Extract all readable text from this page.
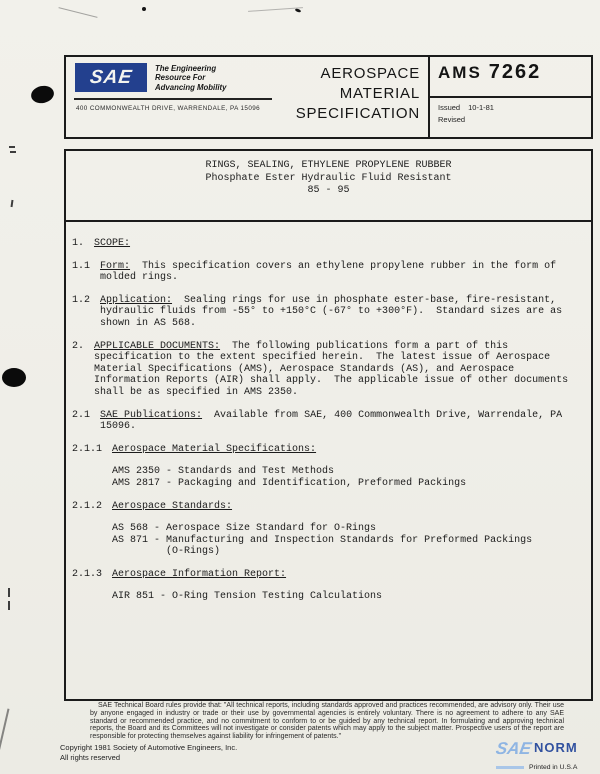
SAE	The Engineering
Resource For
Advancing Mobility
400 COMMONWEALTH DRIVE, WARRENDALE, PA 15096
AEROSPACE
MATERIAL
SPECIFICATION
AMS 7262
Issued 10-1-81
Revised
RINGS, SEALING, ETHYLENE PROPYLENE RUBBER
Phosphate Ester Hydraulic Fluid Resistant
85 - 95
1. SCOPE:
1.1 Form:  This specification covers an ethylene propylene rubber in the form of molded rings.
1.2 Application:  Sealing rings for use in phosphate ester-base, fire-resistant, hydraulic fluids from -55° to +150°C (-67° to +300°F).  Standard sizes are as shown in AS 568.
2. APPLICABLE DOCUMENTS:  The following publications form a part of this specification to the extent specified herein.  The latest issue of Aerospace Material Specifications (AMS), Aerospace Standards (AS), and Aerospace Information Reports (AIR) shall apply.  The applicable issue of other documents shall be as specified in AMS 2350.
2.1 SAE Publications:  Available from SAE, 400 Commonwealth Drive, Warrendale, PA 15096.
2.1.1 Aerospace Material Specifications:
AMS 2350 - Standards and Test Methods
AMS 2817 - Packaging and Identification, Preformed Packings
2.1.2 Aerospace Standards:
AS 568 - Aerospace Size Standard for O-Rings
AS 871 - Manufacturing and Inspection Standards for Preformed Packings
(O-Rings)
2.1.3 Aerospace Information Report:
AIR 851 - O-Ring Tension Testing Calculations
SAE Technical Board rules provide that: "All technical reports, including standards approved and practices recommended, are advisory only. Their use by anyone engaged in industry or trade or their use by governmental agencies is entirely voluntary. There is no agreement to adhere to any SAE standard or recommended practice, and no commitment to conform to or be guided by any technical report. In formulating and approving technical reports, the Board and its Committees will not investigate or consider patents which may apply to the subject matter. Prospective users of the report are responsible for protecting themselves against liability for infringement of patents."
Copyright 1981 Society of Automotive Engineers, Inc.
All rights reserved	SAENORM
Printed in U.S.A
